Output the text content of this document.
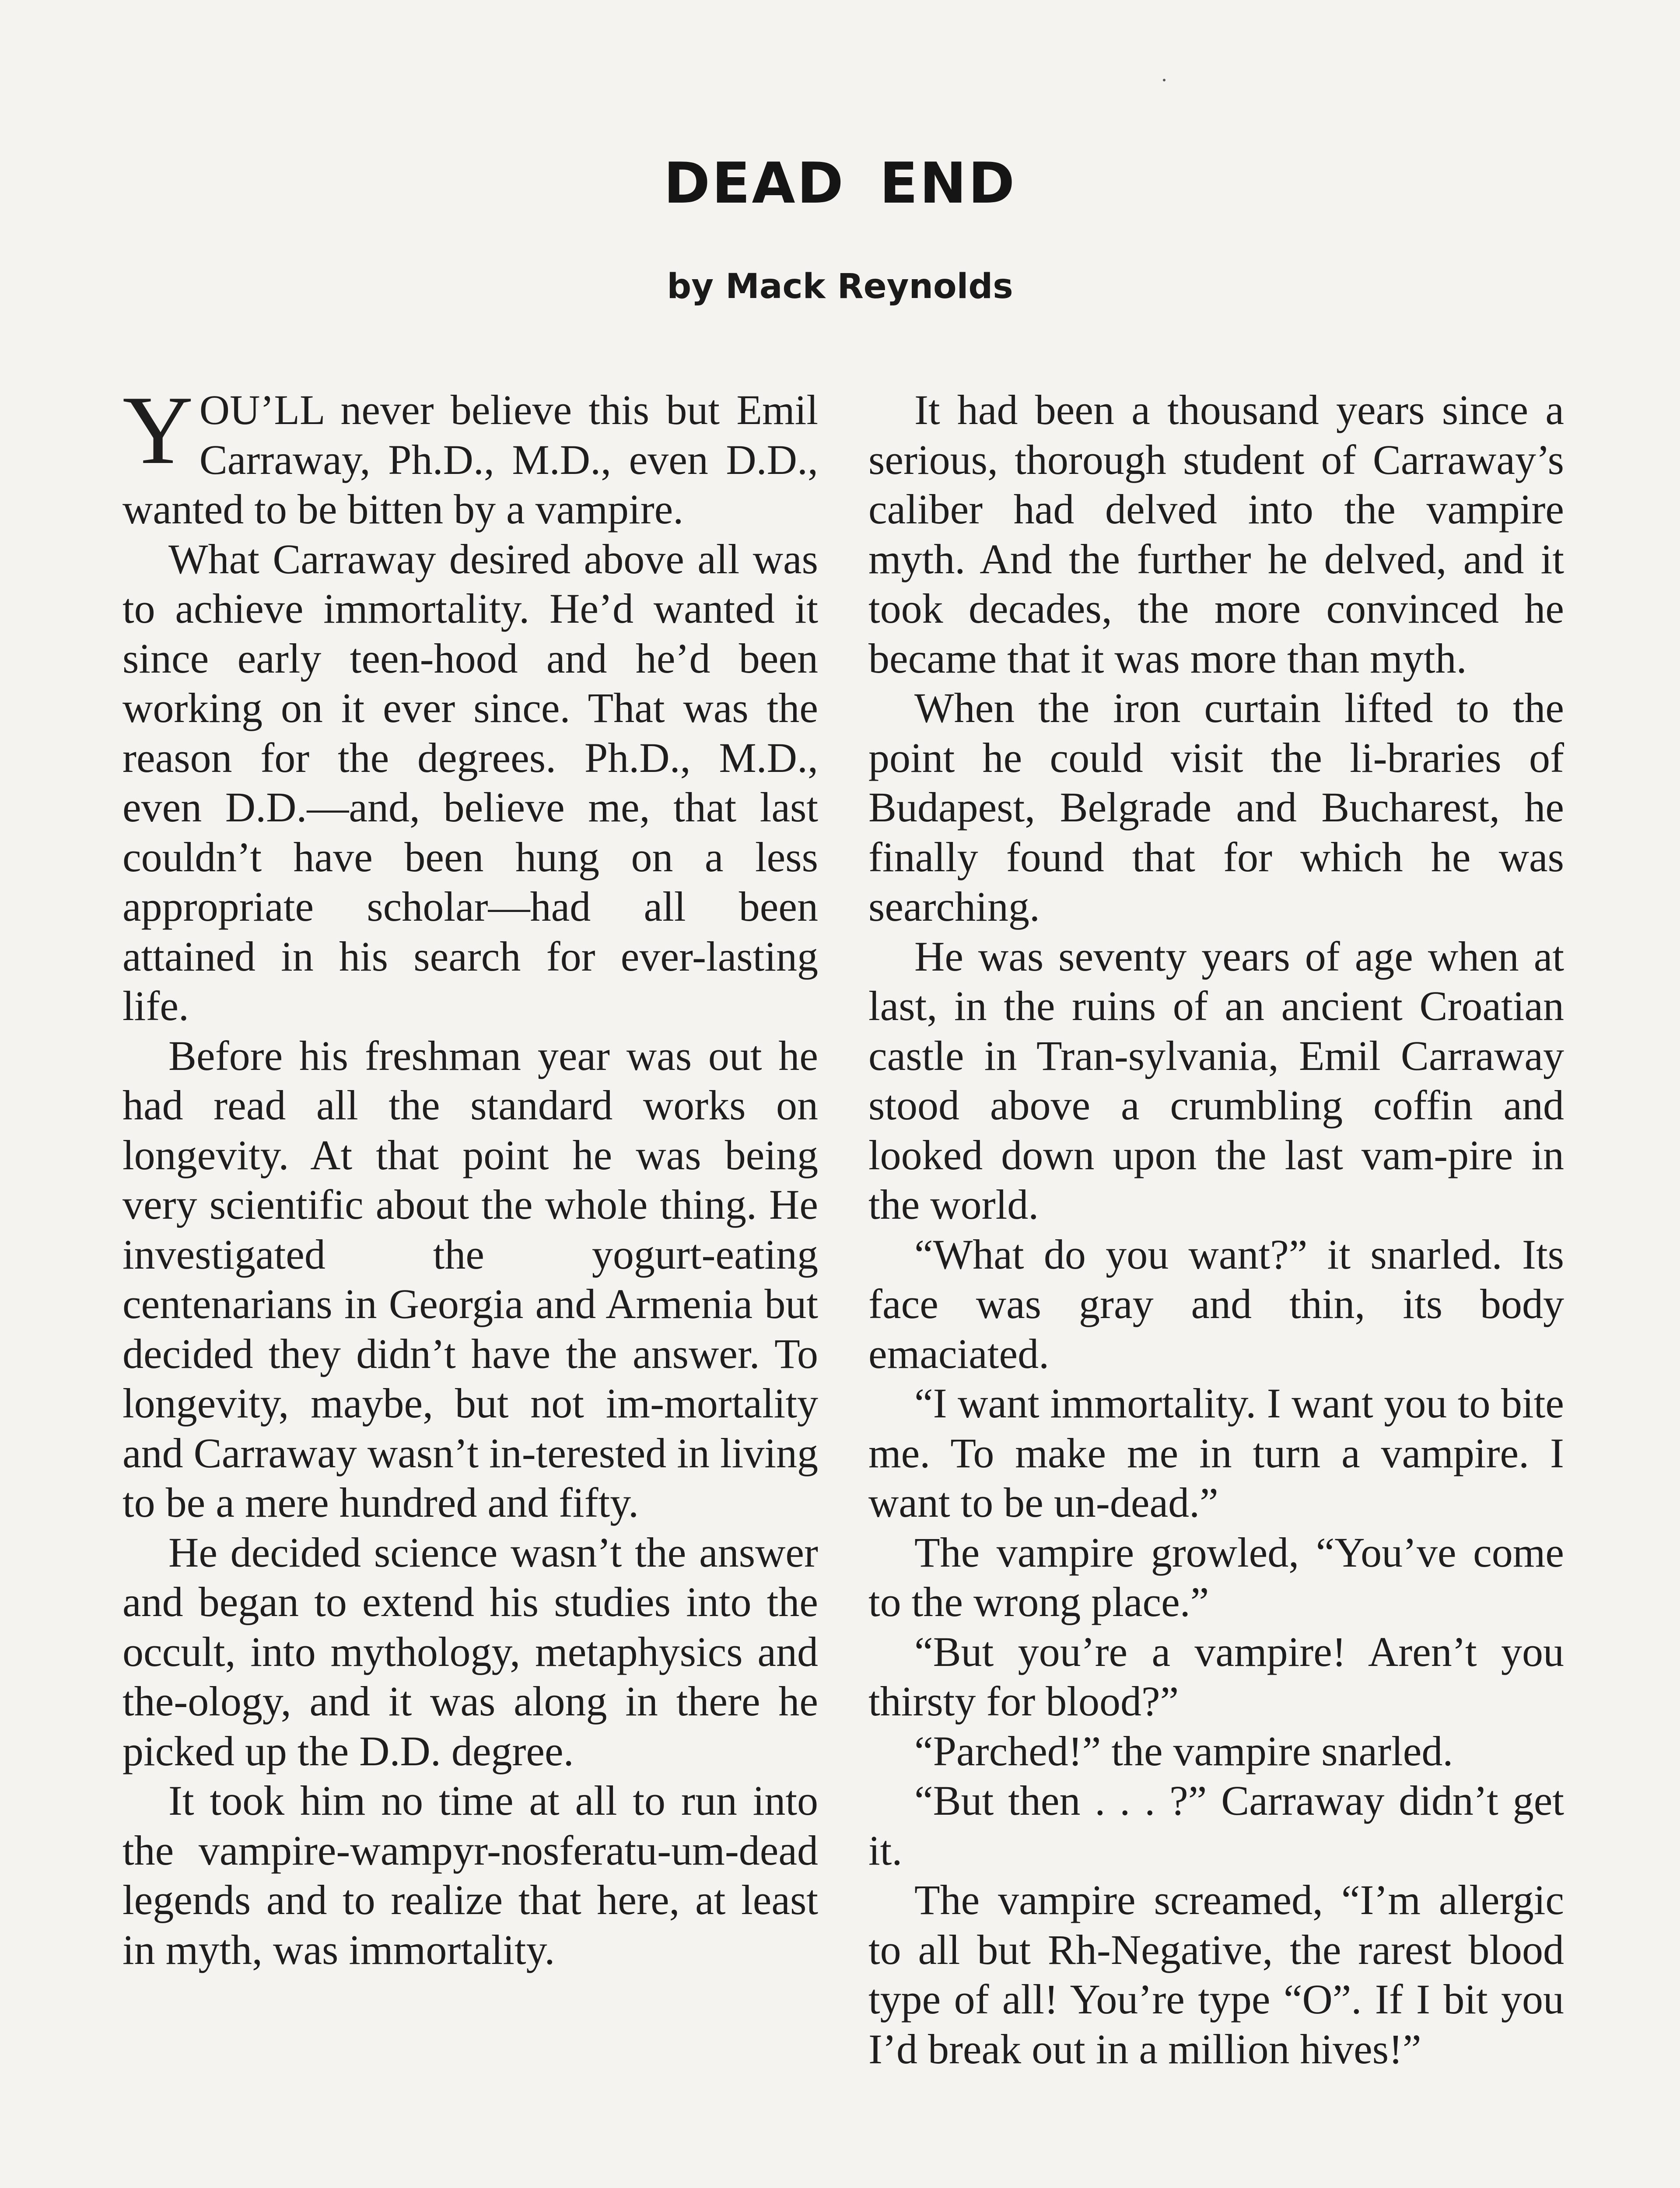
DEAD END
by Mack Reynolds

YOU’LL never believe this but Emil Carraway, Ph.D., M.D., even D.D., wanted to be bitten by a vampire.

What Carraway desired above all was to achieve immortality. He’d wanted it since early teen-hood and he’d been working on it ever since. That was the reason for the degrees. Ph.D., M.D., even D.D.—and, believe me, that last couldn’t have been hung on a less appropriate scholar—had all been attained in his search for ever-lasting life.

Before his freshman year was out he had read all the standard works on longevity. At that point he was being very scientific about the whole thing. He investigated the yogurt-eating centenarians in Georgia and Armenia but decided they didn’t have the answer. To longevity, maybe, but not im-mortality and Carraway wasn’t in-terested in living to be a mere hundred and fifty.

He decided science wasn’t the answer and began to extend his studies into the occult, into mythology, metaphysics and the-ology, and it was along in there he picked up the D.D. degree.

It took him no time at all to run into the vampire-wampyr-nosferatu-um-dead legends and to realize that here, at least in myth, was immortality.

It had been a thousand years since a serious, thorough student of Carraway’s caliber had delved into the vampire myth. And the further he delved, and it took decades, the more convinced he became that it was more than myth.

When the iron curtain lifted to the point he could visit the li-braries of Budapest, Belgrade and Bucharest, he finally found that for which he was searching.

He was seventy years of age when at last, in the ruins of an ancient Croatian castle in Tran-sylvania, Emil Carraway stood above a crumbling coffin and looked down upon the last vam-pire in the world.

“What do you want?” it snarled. Its face was gray and thin, its body emaciated.

“I want immortality. I want you to bite me. To make me in turn a vampire. I want to be un-dead.”

The vampire growled, “You’ve come to the wrong place.”

“But you’re a vampire! Aren’t you thirsty for blood?”

“Parched!” the vampire snarled.

“But then . . . ?” Carraway didn’t get it.

The vampire screamed, “I’m allergic to all but Rh-Negative, the rarest blood type of all! You’re type “O”. If I bit you I’d break out in a million hives!”
